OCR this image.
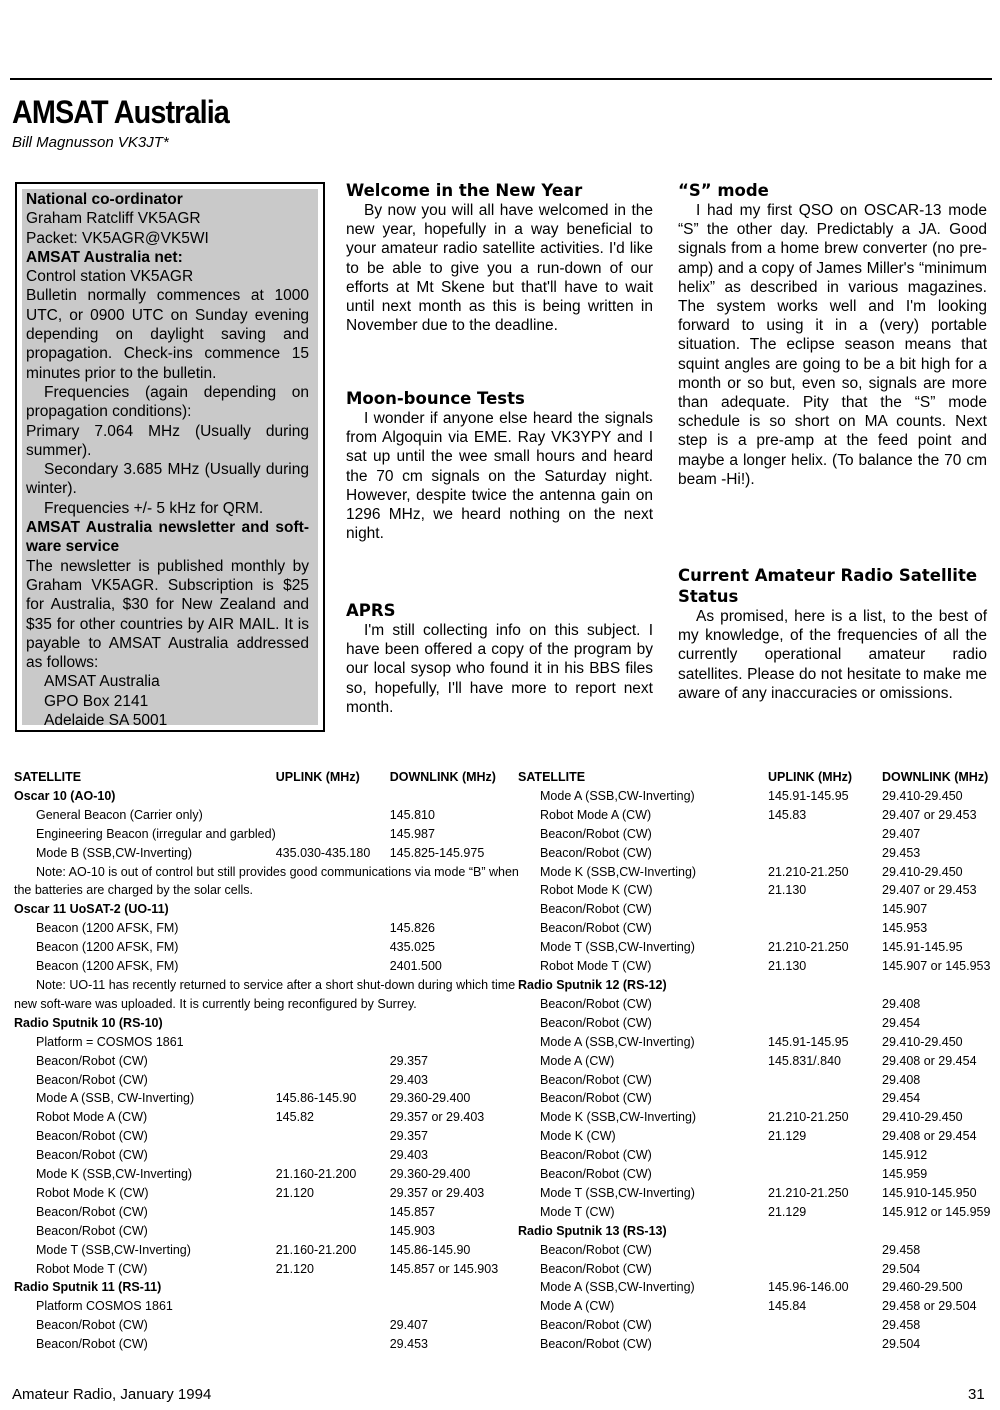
AMSAT Australia

Bill Magnusson VK3JT*

National co-ordinator

Graham Ratcliff VK5AGR

Packet: VK5AGR@VK5WI

AMSAT Australia net:

Control station VK5AGR

Bulletin normally commences at 1000 UTC, or 0900 UTC on Sunday evening depending on daylight saving and propagation. Check-ins commence 15 minutes prior to the bulletin.

Frequencies (again depending on propagation conditions):

Primary 7.064 MHz (Usually during summer).

Secondary 3.685 MHz (Usually during winter).

Frequencies +/- 5 kHz for QRM.

AMSAT Australia newsletter and soft-ware service

The newsletter is published monthly by Graham VK5AGR. Subscription is $25 for Australia, $30 for New Zealand and $35 for other countries by AIR MAIL. It is payable to AMSAT Australia addressed as follows:

AMSAT Australia

GPO Box 2141

Adelaide SA 5001

Welcome in the New Year

By now you will all have welcomed in the new year, hopefully in a way beneficial to your amateur radio satellite activities. I'd like to be able to give you a run-down of our efforts at Mt Skene but that'll have to wait until next month as this is being written in November due to the deadline.

Moon-bounce Tests

I wonder if anyone else heard the signals from Algoquin via EME. Ray VK3YPY and I sat up until the wee small hours and heard the 70 cm signals on the Saturday night. However, despite twice the antenna gain on 1296 MHz, we heard nothing on the next night.

APRS

I'm still collecting info on this subject. I have been offered a copy of the program by our local sysop who found it in his BBS files so, hopefully, I'll have more to report next month.

“S” mode

I had my first QSO on OSCAR-13 mode “S” the other day. Predictably a JA. Good signals from a home brew converter (no pre-amp) and a copy of James Miller's “minimum helix” as described in various magazines. The system works well and I'm looking forward to using it in a (very) portable situation. The eclipse season means that squint angles are going to be a bit high for a month or so but, even so, signals are more than adequate. Pity that the “S” mode schedule is so short on MA counts. Next step is a pre-amp at the feed point and maybe a longer helix. (To balance the 70 cm beam -Hi!).

Current Amateur Radio Satellite Status

As promised, here is a list, to the best of my knowledge, of the frequencies of all the currently operational amateur radio satellites. Please do not hesitate to make me aware of any inaccuracies or omissions.

SATELLITE	UPLINK (MHz)	DOWNLINK (MHz)
Oscar 10 (AO-10)		
General Beacon (Carrier only)		145.810
Engineering Beacon (irregular and garbled)		145.987
Mode B (SSB,CW-Inverting)	435.030-435.180	145.825-145.975
Note: AO-10 is out of control but still provides good communications via mode “B” when		
the batteries are charged by the solar cells.		
Oscar 11 UoSAT-2 (UO-11)		
Beacon (1200 AFSK, FM)		145.826
Beacon (1200 AFSK, FM)		435.025
Beacon (1200 AFSK, FM)		2401.500
Note: UO-11 has recently returned to service after a short shut-down during which time		
new soft-ware was uploaded. It is currently being reconfigured by Surrey.		
Radio Sputnik 10 (RS-10)		
Platform = COSMOS 1861		
Beacon/Robot (CW)		29.357
Beacon/Robot (CW)		29.403
Mode A (SSB, CW-Inverting)	145.86-145.90	29.360-29.400
Robot Mode A (CW)	145.82	29.357 or 29.403
Beacon/Robot (CW)		29.357
Beacon/Robot (CW)		29.403
Mode K (SSB,CW-Inverting)	21.160-21.200	29.360-29.400
Robot Mode K (CW)	21.120	29.357 or 29.403
Beacon/Robot (CW)		145.857
Beacon/Robot (CW)		145.903
Mode T (SSB,CW-Inverting)	21.160-21.200	145.86-145.90
Robot Mode T (CW)	21.120	145.857 or 145.903
Radio Sputnik 11 (RS-11)		
Platform COSMOS 1861		
Beacon/Robot (CW)		29.407
Beacon/Robot (CW)		29.453
SATELLITE	UPLINK (MHz)	DOWNLINK (MHz)
Mode A (SSB,CW-Inverting)	145.91-145.95	29.410-29.450
Robot Mode A (CW)	145.83	29.407 or 29.453
Beacon/Robot (CW)		29.407
Beacon/Robot (CW)		29.453
Mode K (SSB,CW-Inverting)	21.210-21.250	29.410-29.450
Robot Mode K (CW)	21.130	29.407 or 29.453
Beacon/Robot (CW)		145.907
Beacon/Robot (CW)		145.953
Mode T (SSB,CW-Inverting)	21.210-21.250	145.91-145.95
Robot Mode T (CW)	21.130	145.907 or 145.953
Radio Sputnik 12 (RS-12)		
Beacon/Robot (CW)		29.408
Beacon/Robot (CW)		29.454
Mode A (SSB,CW-Inverting)	145.91-145.95	29.410-29.450
Mode A (CW)	145.831/.840	29.408 or 29.454
Beacon/Robot (CW)		29.408
Beacon/Robot (CW)		29.454
Mode K (SSB,CW-Inverting)	21.210-21.250	29.410-29.450
Mode K (CW)	21.129	29.408 or 29.454
Beacon/Robot (CW)		145.912
Beacon/Robot (CW)		145.959
Mode T (SSB,CW-Inverting)	21.210-21.250	145.910-145.950
Mode T (CW)	21.129	145.912 or 145.959
Radio Sputnik 13 (RS-13)		
Beacon/Robot (CW)		29.458
Beacon/Robot (CW)		29.504
Mode A (SSB,CW-Inverting)	145.96-146.00	29.460-29.500
Mode A (CW)	145.84	29.458 or 29.504
Beacon/Robot (CW)		29.458
Beacon/Robot (CW)		29.504

Amateur Radio, January 1994	31
